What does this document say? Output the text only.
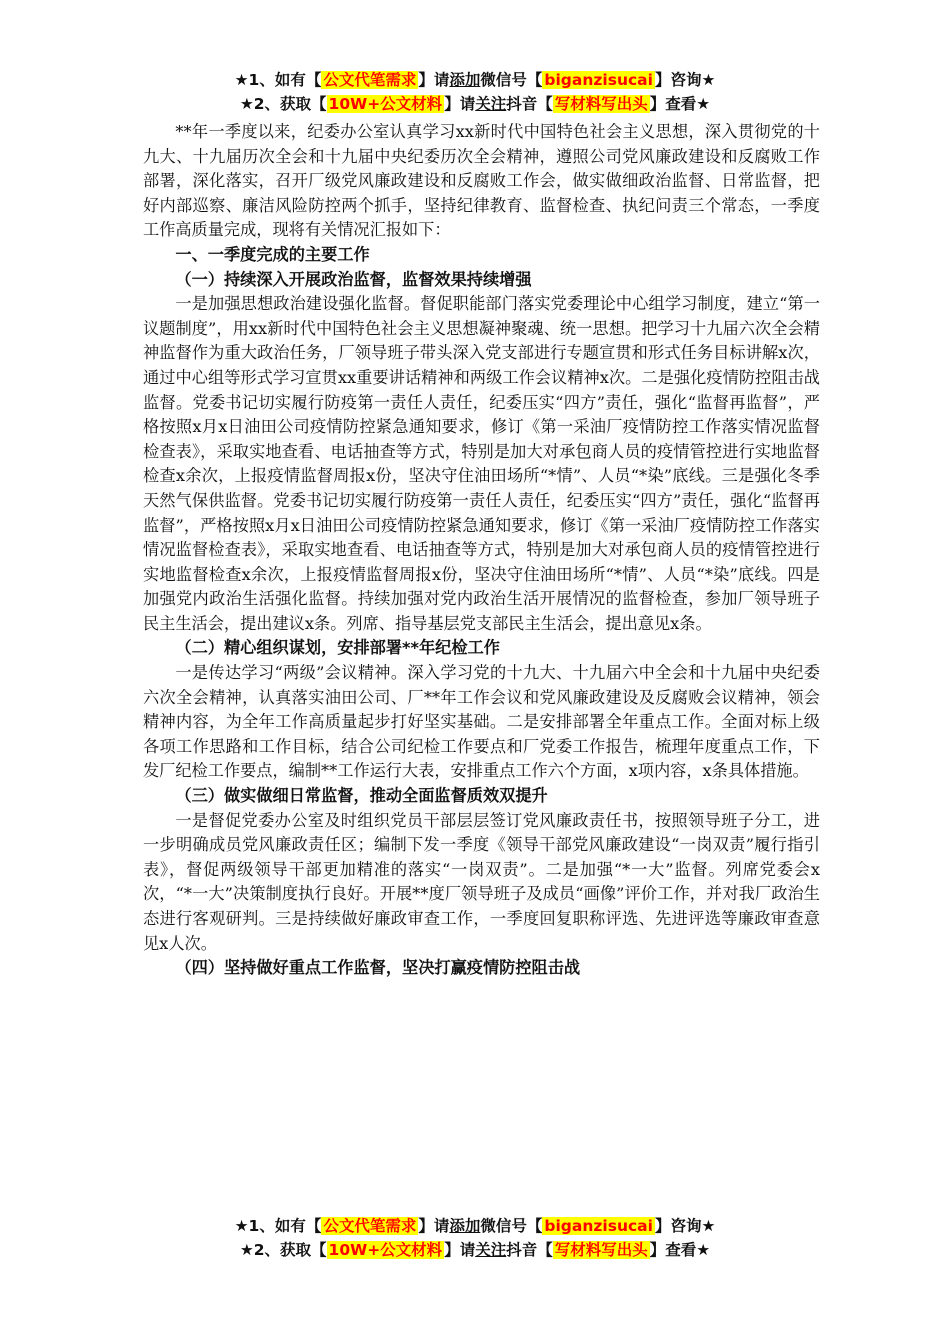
★1、如有【 公文代笔需求 】请添加微信号【 biganzisucai 】咨询★
★2、获取【 10W+公文材料 】请关注抖音【 写材料写出头 】查看★

**年一季度以来，纪委办公室认真学习xx新时代中国特色社会主义思想，深入贯彻党的十九大、十九届历次全会和十九届中央纪委历次全会精神，遵照公司党风廉政建设和反腐败工作部署，深化落实，召开厂级党风廉政建设和反腐败工作会，做实做细政治监督、日常监督，把好内部巡察、廉洁风险防控两个抓手，坚持纪律教育、监督检查、执纪问责三个常态，一季度工作高质量完成，现将有关情况汇报如下：

一、一季度完成的主要工作
（一）持续深入开展政治监督，监督效果持续增强

一是加强思想政治建设强化监督。督促职能部门落实党委理论中心组学习制度，建立“第一议题制度”，用xx新时代中国特色社会主义思想凝神聚魂、统一思想。把学习十九届六次全会精神监督作为重大政治任务，厂领导班子带头深入党支部进行专题宣贯和形式任务目标讲解x次，通过中心组等形式学习宣贯xx重要讲话精神和两级工作会议精神x次。二是强化疫情防控阻击战监督。党委书记切实履行防疫第一责任人责任，纪委压实“四方”责任，强化“监督再监督”，严格按照x月x日油田公司疫情防控紧急通知要求，修订《第一采油厂疫情防控工作落实情况监督检查表》，采取实地查看、电话抽查等方式，特别是加大对承包商人员的疫情管控进行实地监督检查x余次，上报疫情监督周报x份，坚决守住油田场所“*情”、人员“*染”底线。三是强化冬季天然气保供监督。党委书记切实履行防疫第一责任人责任，纪委压实“四方”责任，强化“监督再监督”，严格按照x月x日油田公司疫情防控紧急通知要求，修订《第一采油厂疫情防控工作落实情况监督检查表》，采取实地查看、电话抽查等方式，特别是加大对承包商人员的疫情管控进行实地监督检查x余次，上报疫情监督周报x份，坚决守住油田场所“*情”、人员“*染”底线。四是加强党内政治生活强化监督。持续加强对党内政治生活开展情况的监督检查，参加厂领导班子民主生活会，提出建议x条。列席、指导基层党支部民主生活会，提出意见x条。

（二）精心组织谋划，安排部署**年纪检工作

一是传达学习“两级”会议精神。深入学习党的十九大、十九届六中全会和十九届中央纪委六次全会精神，认真落实油田公司、厂**年工作会议和党风廉政建设及反腐败会议精神，领会精神内容，为全年工作高质量起步打好坚实基础。二是安排部署全年重点工作。全面对标上级各项工作思路和工作目标，结合公司纪检工作要点和厂党委工作报告，梳理年度重点工作，下发厂纪检工作要点，编制**工作运行大表，安排重点工作六个方面，x项内容，x条具体措施。

（三）做实做细日常监督，推动全面监督质效双提升

一是督促党委办公室及时组织党员干部层层签订党风廉政责任书，按照领导班子分工，进一步明确成员党风廉政责任区；编制下发一季度《领导干部党风廉政建设“一岗双责”履行指引表》，督促两级领导干部更加精准的落实“一岗双责”。二是加强“*一大”监督。列席党委会x次，“*一大”决策制度执行良好。开展**度厂领导班子及成员“画像”评价工作，并对我厂政治生态进行客观研判。三是持续做好廉政审查工作，一季度回复职称评选、先进评选等廉政审查意见x人次。

（四）坚持做好重点工作监督，坚决打赢疫情防控阻击战
★1、如有【 公文代笔需求 】请添加微信号【 biganzisucai 】咨询★
★2、获取【 10W+公文材料 】请关注抖音【 写材料写出头 】查看★
